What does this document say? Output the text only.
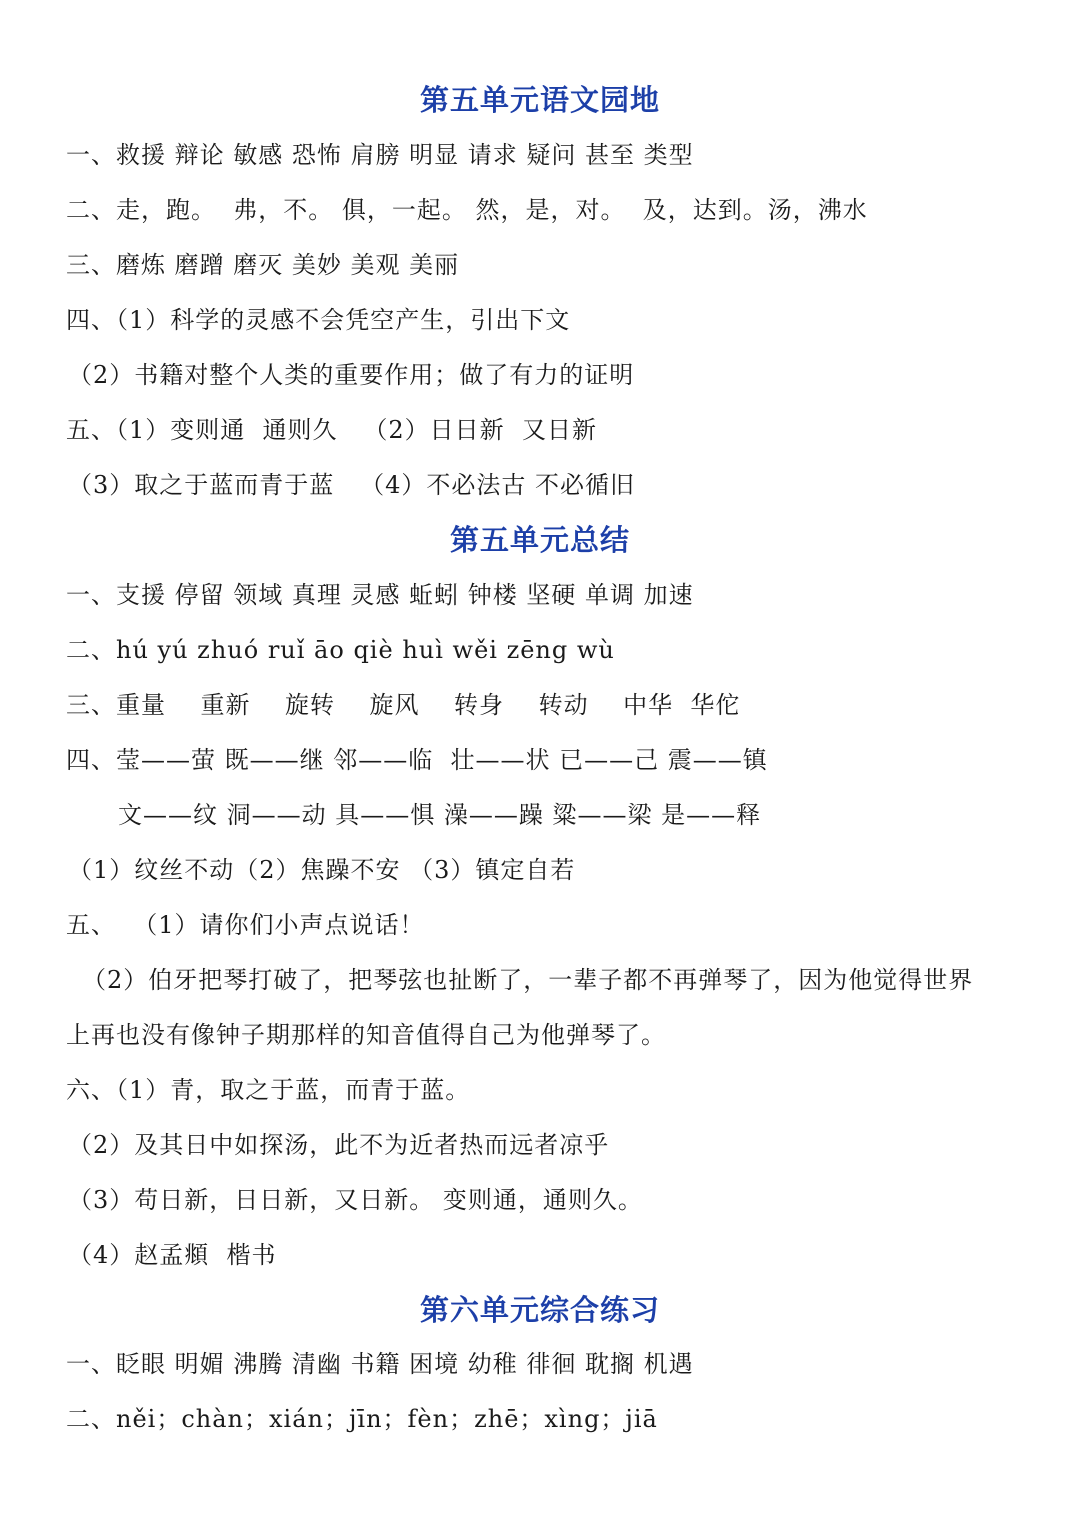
第五单元语文园地
一、救援 辩论 敏感 恐怖 肩膀 明显 请求 疑问 甚至 类型
二、走，跑。  弗，不。 俱，一起。 然，是，对。  及，达到。汤，沸水
三、磨炼 磨蹭 磨灭 美妙 美观 美丽
四、（1）科学的灵感不会凭空产生，引出下文
（2）书籍对整个人类的重要作用；做了有力的证明
五、（1）变则通  通则久   （2）日日新  又日新
（3）取之于蓝而青于蓝   （4）不必法古 不必循旧
第五单元总结
一、支援 停留 领域 真理 灵感 蚯蚓 钟楼 坚硬 单调 加速
二、hú yú zhuó ruǐ āo qiè huì wěi zēng wù
三、重量    重新    旋转    旋风    转身    转动    中华  华佗
四、莹——萤 既——继 邻——临  壮——状 已——己 震——镇
文——纹 洞——动 具——惧 澡——躁 粱——梁 是——释
（1）纹丝不动（2）焦躁不安 （3）镇定自若
五、  （1）请你们小声点说话！
（2）伯牙把琴打破了，把琴弦也扯断了，一辈子都不再弹琴了，因为他觉得世界
上再也没有像钟子期那样的知音值得自己为他弹琴了。
六、（1）青，取之于蓝，而青于蓝。
（2）及其日中如探汤，此不为近者热而远者凉乎
（3）苟日新，日日新，又日新。 变则通，通则久。
（4）赵孟頫  楷书
第六单元综合练习
一、眨眼 明媚 沸腾 清幽 书籍 困境 幼稚 徘徊 耽搁 机遇
二、něi；chàn；xián；jīn；fèn；zhē；xìng；jiā
